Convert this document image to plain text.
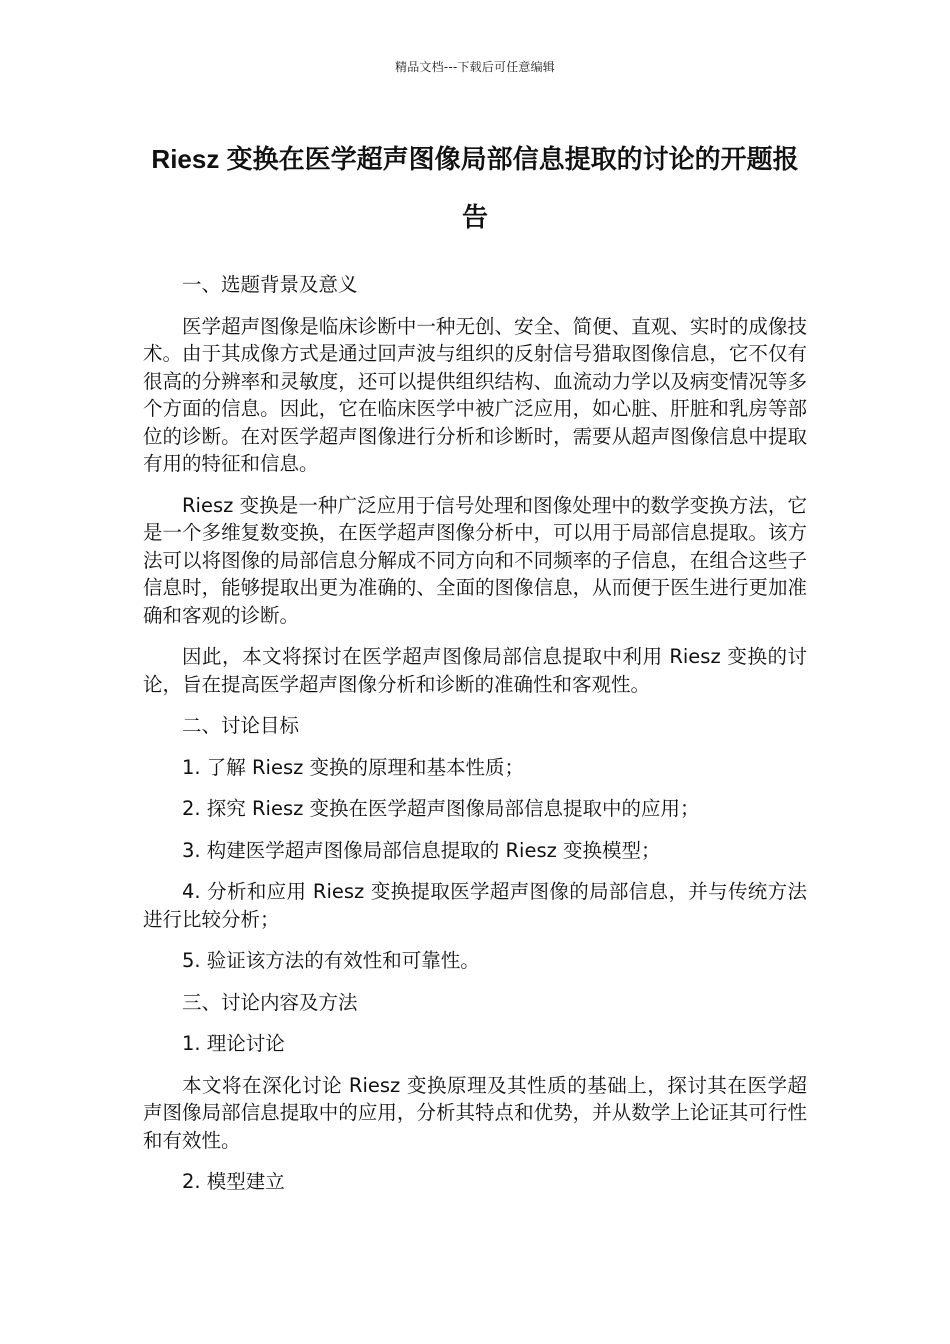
精品文档---下载后可任意编辑
Riesz 变换在医学超声图像局部信息提取的讨论的开题报告

一、选题背景及意义

医学超声图像是临床诊断中一种无创、安全、简便、直观、实时的成像技术。由于其成像方式是通过回声波与组织的反射信号猎取图像信息，它不仅有很高的分辨率和灵敏度，还可以提供组织结构、血流动力学以及病变情况等多个方面的信息。因此，它在临床医学中被广泛应用，如心脏、肝脏和乳房等部位的诊断。在对医学超声图像进行分析和诊断时，需要从超声图像信息中提取有用的特征和信息。

Riesz 变换是一种广泛应用于信号处理和图像处理中的数学变换方法，它是一个多维复数变换，在医学超声图像分析中，可以用于局部信息提取。该方法可以将图像的局部信息分解成不同方向和不同频率的子信息，在组合这些子信息时，能够提取出更为准确的、全面的图像信息，从而便于医生进行更加准确和客观的诊断。

因此，本文将探讨在医学超声图像局部信息提取中利用 Riesz 变换的讨论，旨在提高医学超声图像分析和诊断的准确性和客观性。

二、讨论目标

1. 了解 Riesz 变换的原理和基本性质；

2. 探究 Riesz 变换在医学超声图像局部信息提取中的应用；

3. 构建医学超声图像局部信息提取的 Riesz 变换模型；

4. 分析和应用 Riesz 变换提取医学超声图像的局部信息，并与传统方法进行比较分析；

5. 验证该方法的有效性和可靠性。

三、讨论内容及方法

1. 理论讨论

本文将在深化讨论 Riesz 变换原理及其性质的基础上，探讨其在医学超声图像局部信息提取中的应用，分析其特点和优势，并从数学上论证其可行性和有效性。

2. 模型建立
